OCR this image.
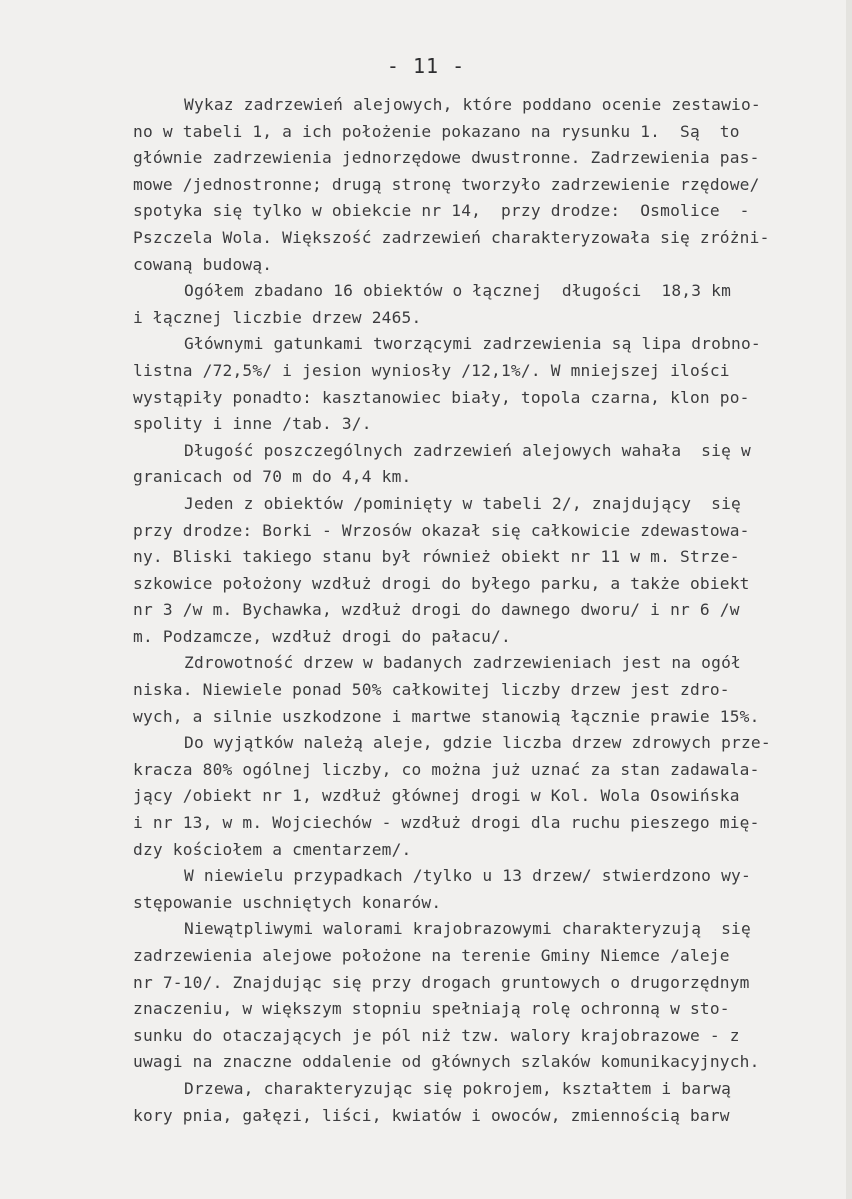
- 11 -
Wykaz zadrzewień alejowych, które poddano ocenie zestawio-
no w tabeli 1, a ich położenie pokazano na rysunku 1.  Są  to
głównie zadrzewienia jednorzędowe dwustronne. Zadrzewienia pas-
mowe /jednostronne; drugą stronę tworzyło zadrzewienie rzędowe/
spotyka się tylko w obiekcie nr 14,  przy drodze:  Osmolice  -
Pszczela Wola. Większość zadrzewień charakteryzowała się zróżni-
cowaną budową.
Ogółem zbadano 16 obiektów o łącznej  długości  18,3 km
i łącznej liczbie drzew 2465.
Głównymi gatunkami tworzącymi zadrzewienia są lipa drobno-
listna /72,5%/ i jesion wyniosły /12,1%/. W mniejszej ilości
wystąpiły ponadto: kasztanowiec biały, topola czarna, klon po-
spolity i inne /tab. 3/.
Długość poszczególnych zadrzewień alejowych wahała  się w
granicach od 70 m do 4,4 km.
Jeden z obiektów /pominięty w tabeli 2/, znajdujący  się
przy drodze: Borki - Wrzosów okazał się całkowicie zdewastowa-
ny. Bliski takiego stanu był również obiekt nr 11 w m. Strze-
szkowice położony wzdłuż drogi do byłego parku, a także obiekt
nr 3 /w m. Bychawka, wzdłuż drogi do dawnego dworu/ i nr 6 /w
m. Podzamcze, wzdłuż drogi do pałacu/.
Zdrowotność drzew w badanych zadrzewieniach jest na ogół
niska. Niewiele ponad 50% całkowitej liczby drzew jest zdro-
wych, a silnie uszkodzone i martwe stanowią łącznie prawie 15%.
Do wyjątków należą aleje, gdzie liczba drzew zdrowych prze-
kracza 80% ogólnej liczby, co można już uznać za stan zadawala-
jący /obiekt nr 1, wzdłuż głównej drogi w Kol. Wola Osowińska
i nr 13, w m. Wojciechów - wzdłuż drogi dla ruchu pieszego mię-
dzy kościołem a cmentarzem/.
W niewielu przypadkach /tylko u 13 drzew/ stwierdzono wy-
stępowanie uschniętych konarów.
Niewątpliwymi walorami krajobrazowymi charakteryzują  się
zadrzewienia alejowe położone na terenie Gminy Niemce /aleje
nr 7-10/. Znajdując się przy drogach gruntowych o drugorzędnym
znaczeniu, w większym stopniu spełniają rolę ochronną w sto-
sunku do otaczających je pól niż tzw. walory krajobrazowe - z
uwagi na znaczne oddalenie od głównych szlaków komunikacyjnych.
Drzewa, charakteryzując się pokrojem, kształtem i barwą
kory pnia, gałęzi, liści, kwiatów i owoców, zmiennością barw
